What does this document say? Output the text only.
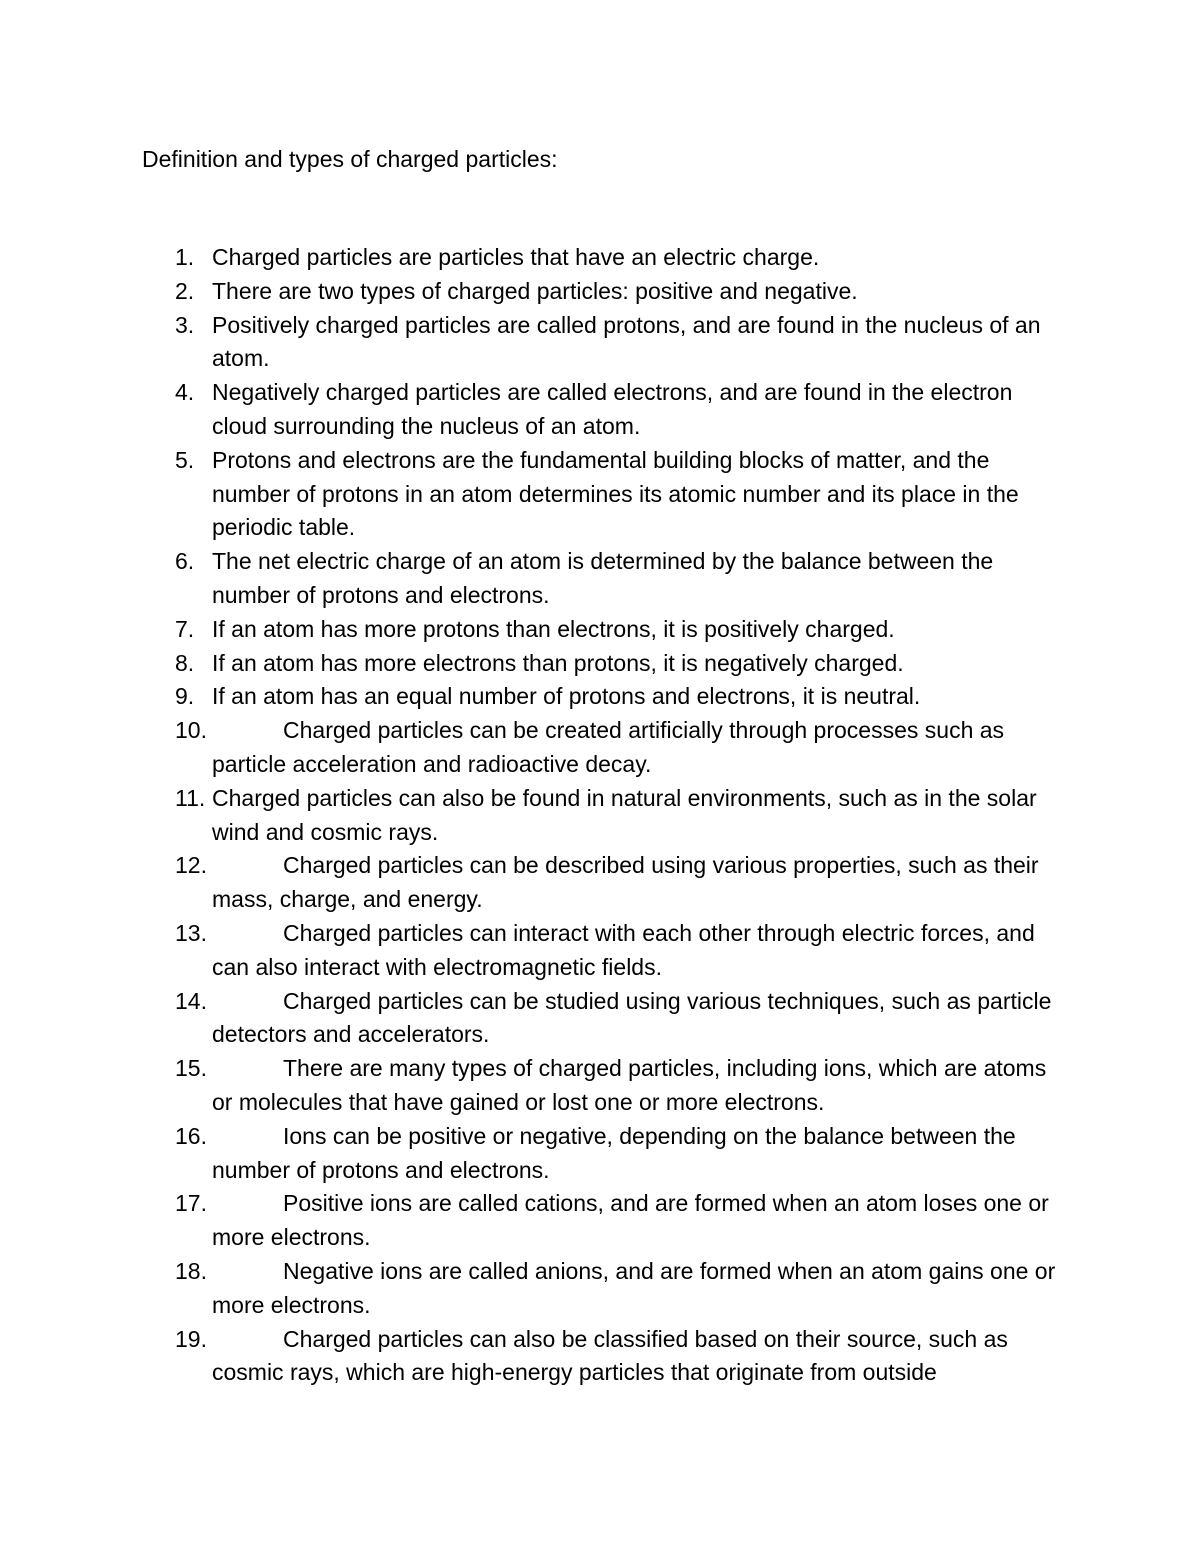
Definition and types of charged particles:
1. Charged particles are particles that have an electric charge.
2. There are two types of charged particles: positive and negative.
3. Positively charged particles are called protons, and are found in the nucleus of an atom.
4. Negatively charged particles are called electrons, and are found in the electron cloud surrounding the nucleus of an atom.
5. Protons and electrons are the fundamental building blocks of matter, and the number of protons in an atom determines its atomic number and its place in the periodic table.
6. The net electric charge of an atom is determined by the balance between the number of protons and electrons.
7. If an atom has more protons than electrons, it is positively charged.
8. If an atom has more electrons than protons, it is negatively charged.
9. If an atom has an equal number of protons and electrons, it is neutral.
10.	Charged particles can be created artificially through processes such as particle acceleration and radioactive decay.
11. Charged particles can also be found in natural environments, such as in the solar wind and cosmic rays.
12.	Charged particles can be described using various properties, such as their mass, charge, and energy.
13.	Charged particles can interact with each other through electric forces, and can also interact with electromagnetic fields.
14.	Charged particles can be studied using various techniques, such as particle detectors and accelerators.
15.	There are many types of charged particles, including ions, which are atoms or molecules that have gained or lost one or more electrons.
16.	Ions can be positive or negative, depending on the balance between the number of protons and electrons.
17.	Positive ions are called cations, and are formed when an atom loses one or more electrons.
18.	Negative ions are called anions, and are formed when an atom gains one or more electrons.
19.	Charged particles can also be classified based on their source, such as cosmic rays, which are high-energy particles that originate from outside
